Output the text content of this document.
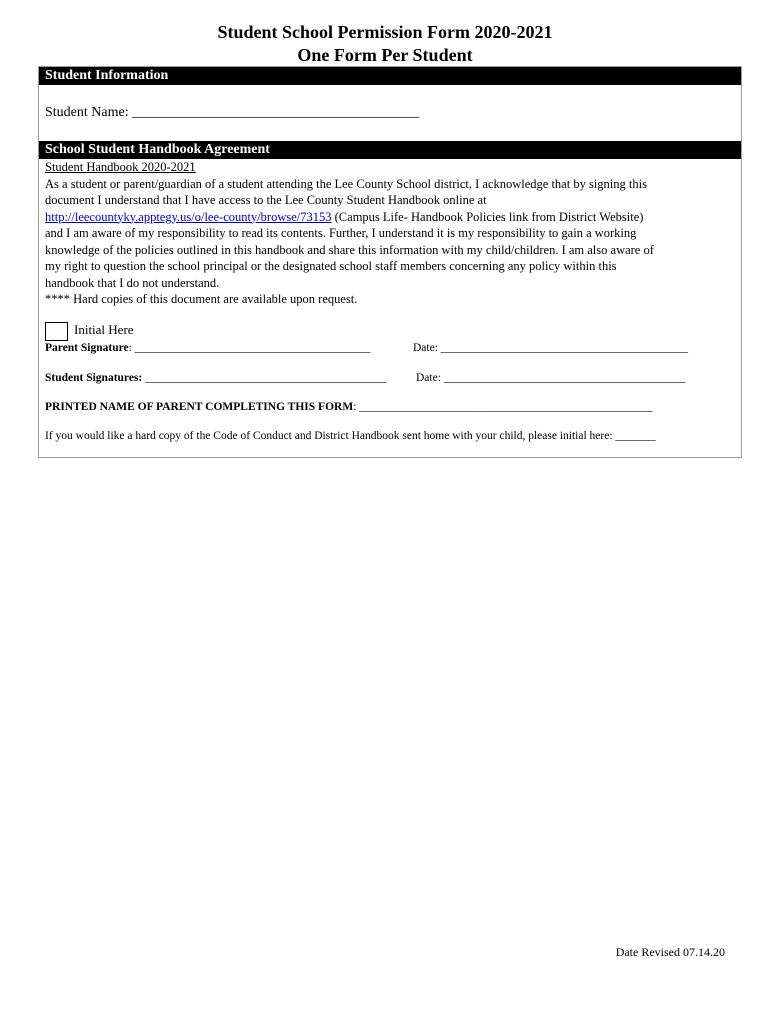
Student School Permission Form 2020-2021
One Form Per Student
Student Information
Student Name: _________________________________________
School Student Handbook Agreement
Student Handbook 2020-2021
As a student or parent/guardian of a student attending the Lee County School district, I acknowledge that by signing this
document I understand that I have access to the Lee County Student Handbook online at
http://leecountyky.apptegy.us/o/lee-county/browse/73153 (Campus Life- Handbook Policies link from District Website)
and I am aware of my responsibility to read its contents. Further, I understand it is my responsibility to gain a working
knowledge of the policies outlined in this handbook and share this information with my child/children. I am also aware of
my right to question the school principal or the designated school staff members concerning any policy within this
handbook that I do not understand.
**** Hard copies of this document are available upon request.
Initial Here
Parent Signature: _________________________________________	Date: ___________________________________________
Student Signatures: __________________________________________	Date: __________________________________________
PRINTED NAME OF PARENT COMPLETING THIS FORM: ___________________________________________________
If you would like a hard copy of the Code of Conduct and District Handbook sent home with your child, please initial here: _______
Date Revised 07.14.20
